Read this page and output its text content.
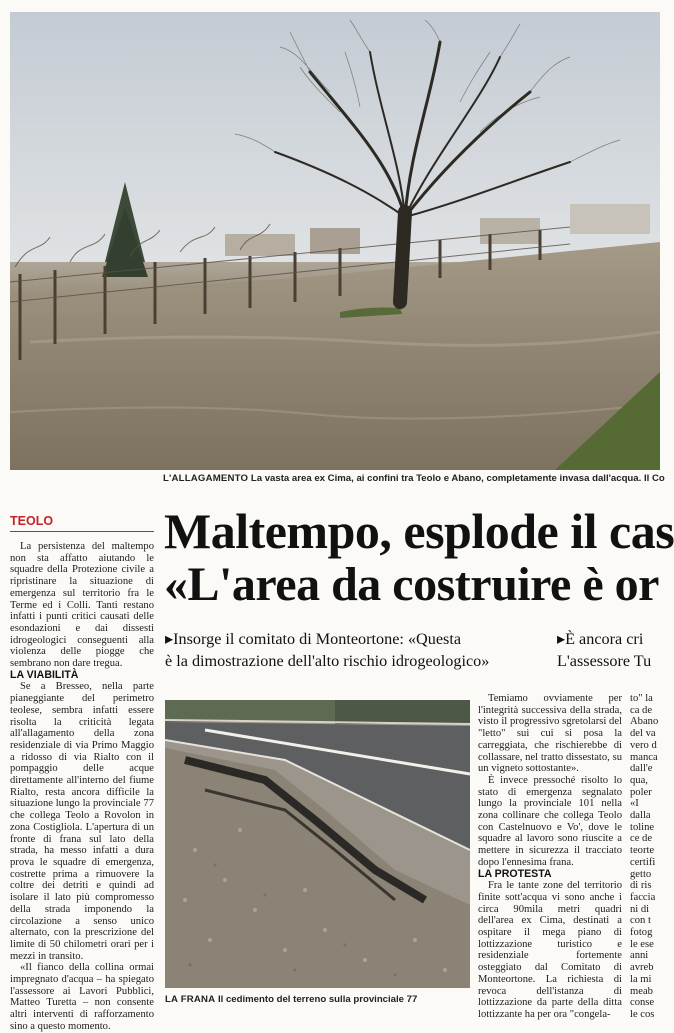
L'ALLAGAMENTO La vasta area ex Cima, ai confini tra Teolo e Abano, completamente invasa dall'acqua. Il Co
TEOLO Maltempo, esplode il cas
«L'area da costruire è or
▸Insorge il comitato di Monteortone: «Questa
è la dimostrazione dell'alto rischio idrogeologico»
▸È ancora cri
L'assessore Tu

La persistenza del maltempo non sta affatto aiutando le squadre della Protezione civile a ripristinare la situazione di emergenza sul territorio fra le Terme ed i Colli. Tanti restano infatti i punti critici causati delle esondazioni e dai dissesti idrogeologici conseguenti alla violenza delle piogge che sembrano non dare tregua.

LA VIABILITÀ

Se a Bresseo, nella parte pianeggiante del perimetro teolese, sembra infatti essere risolta la criticità legata all'allagamento della zona residenziale di via Primo Maggio a ridosso di via Rialto con il pompaggio delle acque direttamente all'interno del fiume Rialto, resta ancora difficile la situazione lungo la provinciale 77 che collega Teolo a Rovolon in zona Costigliola. L'apertura di un fronte di frana sul lato della strada, ha messo infatti a dura prova le squadre di emergenza, costrette prima a rimuovere la coltre dei detriti e quindi ad isolare il lato più compromesso della strada imponendo la circolazione a senso unico alternato, con la prescrizione del limite di 50 chilometri orari per i mezzi in transito.

«Il fianco della collina ormai impregnato d'acqua – ha spiegato l'assessore ai Lavori Pubblici, Matteo Turetta – non consente altri interventi di rafforzamento sino a questo momento.

LA FRANA Il cedimento del terreno sulla provinciale 77

Temiamo ovviamente per l'integrità successiva della strada, visto il progressivo sgretolarsi del "letto" sui cui si posa la carreggiata, che rischierebbe di collassare, nel tratto dissestato, su un vigneto sottostante».

È invece pressoché risolto lo stato di emergenza segnalato lungo la provinciale 101 nella zona collinare che collega Teolo con Castelnuovo e Vo', dove le squadre al lavoro sono riuscite a mettere in sicurezza il tracciato dopo l'ennesima frana.

LA PROTESTA

Fra le tante zone del territorio finite sott'acqua vi sono anche i circa 90mila metri quadri dell'area ex Cima, destinati a ospitare il mega piano di lottizzazione turistico e residenziale fortemente osteggiato dal Comitato di Monteortone. La richiesta di revoca dell'istanza di lottizzazione da parte della ditta lottizzante ha per ora "congela-

to" la
ca de
Abano
del va
vero d
manca
dall'e
qua,
poler
«I
dalla
toline
ce de
teorte
certifi
getto
di ris
faccia
ni di
con t
fotog
le ese
anni
avreb
la mi
meab
conse
le cos
